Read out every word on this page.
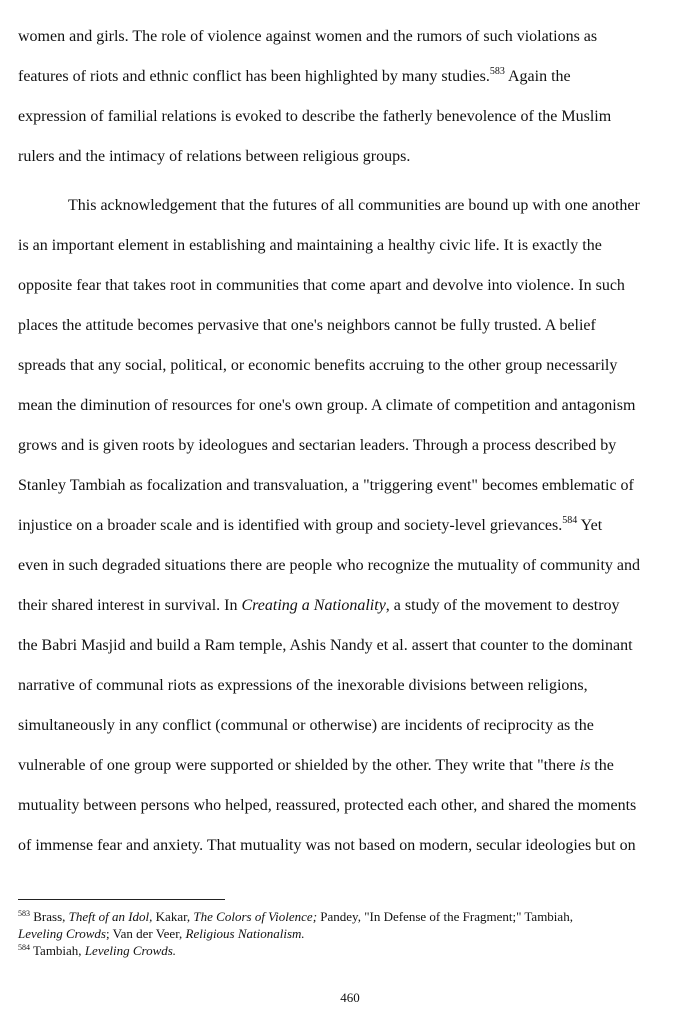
women and girls. The role of violence against women and the rumors of such violations as
features of riots and ethnic conflict has been highlighted by many studies.$^{583}$ Again the
expression of familial relations is evoked to describe the fatherly benevolence of the Muslim
rulers and the intimacy of relations between religious groups.
This acknowledgement that the futures of all communities are bound up with one another
is an important element in establishing and maintaining a healthy civic life. It is exactly the
opposite fear that takes root in communities that come apart and devolve into violence. In such
places the attitude becomes pervasive that one's neighbors cannot be fully trusted. A belief
spreads that any social, political, or economic benefits accruing to the other group necessarily
mean the diminution of resources for one's own group. A climate of competition and antagonism
grows and is given roots by ideologues and sectarian leaders. Through a process described by
Stanley Tambiah as focalization and transvaluation, a "triggering event" becomes emblematic of
injustice on a broader scale and is identified with group and society-level grievances.$^{584}$ Yet
even in such degraded situations there are people who recognize the mutuality of community and
their shared interest in survival. In Creating a Nationality, a study of the movement to destroy
the Babri Masjid and build a Ram temple, Ashis Nandy et al. assert that counter to the dominant
narrative of communal riots as expressions of the inexorable divisions between religions,
simultaneously in any conflict (communal or otherwise) are incidents of reciprocity as the
vulnerable of one group were supported or shielded by the other. They write that "there is the
mutuality between persons who helped, reassured, protected each other, and shared the moments
of immense fear and anxiety. That mutuality was not based on modern, secular ideologies but on
$^{583}$ Brass, Theft of an Idol, Kakar, The Colors of Violence; Pandey, "In Defense of the Fragment;" Tambiah,
Leveling Crowds; Van der Veer, Religious Nationalism.
$^{584}$ Tambiah, Leveling Crowds.
460
